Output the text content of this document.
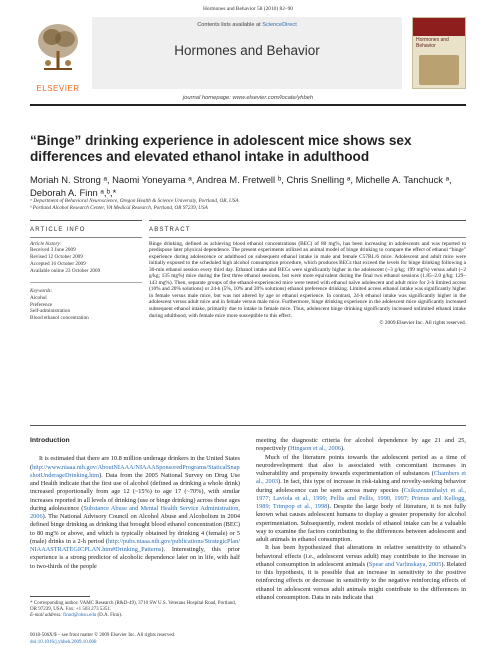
Hormones and Behavior 58 (2010) 82–90
ELSEVIER
Contents lists available at ScienceDirect
Hormones and Behavior
Hormones and Behavior
journal homepage: www.elsevier.com/locate/yhbeh
“Binge” drinking experience in adolescent mice shows sex differences and elevated ethanol intake in adulthood
Moriah N. Strong ᵃ, Naomi Yoneyama ᵃ, Andrea M. Fretwell ᵇ, Chris Snelling ᵃ, Michelle A. Tanchuck ᵃ, Deborah A. Finn ᵃ,ᵇ,*
ᵃ Department of Behavioral Neuroscience, Oregon Health & Science University, Portland, OR, USA
ᵇ Portland Alcohol Research Center, VA Medical Research, Portland, OR 97239, USA
ARTICLE INFO
Article history:
Received 3 June 2009
Revised 12 October 2009
Accepted 16 October 2009
Available online 23 October 2009
Keywords:
Alcohol
Preference
Self-administration
Blood ethanol concentration
ABSTRACT

Binge drinking, defined as achieving blood ethanol concentrations (BEC) of 80 mg%, has been increasing in adolescents and was reported to predispose later physical dependence. The present experiments utilized an animal model of binge drinking to compare the effect of ethanol “binge” experience during adolescence or adulthood on subsequent ethanol intake in male and female C57BL/6 mice. Adolescent and adult mice were initially exposed to the scheduled high alcohol consumption procedure, which produces BECs that exceed the levels for binge drinking following a 30-min ethanol session every third day. Ethanol intake and BECs were significantly higher in the adolescent (~3 g/kg; 199 mg%) versus adult (~2 g/kg; 135 mg%) mice during the first three ethanol sessions, but were more equivalent during the final two ethanol sessions (1.85–2.0 g/kg; 129–143 mg%). Then, separate groups of the ethanol-experienced mice were tested with ethanol naïve adolescent and adult mice for 2-h limited access (10% and 20% solutions) or 24-h (5%, 10% and 20% solutions) ethanol preference drinking. Limited access ethanol intake was significantly higher in female versus male mice, but was not altered by age or ethanol experience. In contrast, 24-h ethanol intake was significantly higher in the adolescent versus adult mice and in female versus male mice. Furthermore, binge drinking experience in the adolescent mice significantly increased subsequent ethanol intake, primarily due to intake in female mice. Thus, adolescent binge drinking significantly increased unlimited ethanol intake during adulthood, with female mice more susceptible to this effect.

© 2009 Elsevier Inc. All rights reserved.
Introduction

It is estimated that there are 10.8 million underage drinkers in the United States (http://www.niaaa.nih.gov/AboutNIAAA/NIAAASponsoredPrograms/StaticalSnapshotUnderageDrinking.htm). Data from the 2005 National Survey on Drug Use and Health indicate that the first use of alcohol (defined as drinking a whole drink) increased proportionally from age 12 (~15%) to age 17 (~70%), with similar increases reported in all levels of drinking (use or binge drinking) across these ages during adolescence (Substance Abuse and Mental Health Service Administration, 2006). The National Advisory Council on Alcohol Abuse and Alcoholism in 2004 defined binge drinking as drinking that brought blood ethanol concentration (BEC) to 80 mg% or above, and which is typically obtained by drinking 4 (female) or 5 (male) drinks in a 2-h period (http://pubs.niaaa.nih.gov/publications/StrategicPlan/NIAAASTRATEGICPLAN.htm#Drinking_Patterns). Interestingly, this prior experience is a strong predictor of alcoholic dependence later on in life, with half to two-thirds of the people

meeting the diagnostic criteria for alcohol dependence by age 21 and 25, respectively (Hingson et al., 2006).

Much of the literature points towards the adolescent period as a time of neurodevelopment that also is associated with concomitant increases in vulnerability and propensity towards experimentation of substances (Chambers et al., 2003). In fact, this type of increase in risk-taking and novelty-seeking behavior during adolescence can be seen across many species (Csikszentmihalyi et al., 1977; Laviola et al., 1999; Pellis and Pellis, 1990, 1997; Primus and Kellogg, 1989; Trimpop et al., 1998). Despite the large body of literature, it is not fully known what causes adolescent humans to display a greater propensity for alcohol experimentation. Subsequently, rodent models of ethanol intake can be a valuable way to examine the factors contributing to the differences between adolescent and adult animals in ethanol consumption.

It has been hypothesized that alterations in relative sensitivity to ethanol’s behavioral effects (i.e., adolescent versus adult) may contribute to the increase in ethanol consumption in adolescent animals (Spear and Varlinskaya, 2005). Related to this hypothesis, it is possible that an increase in sensitivity to the positive reinforcing effects or decrease in sensitivity to the negative reinforcing effects of ethanol in adolescent versus adult animals might contribute to the differences in ethanol consumption. Data in rats indicate that

* Corresponding author. VAMC Research (R&D-49), 3710 SW U.S. Veterans Hospital Road, Portland, OR 97239, USA. Fax: +1 503 273 5351.
E-mail address: finnd@ohsu.edu (D.A. Finn).
0018-506X/$ – see front matter © 2009 Elsevier Inc. All rights reserved.
doi:10.1016/j.yhbeh.2009.10.008
